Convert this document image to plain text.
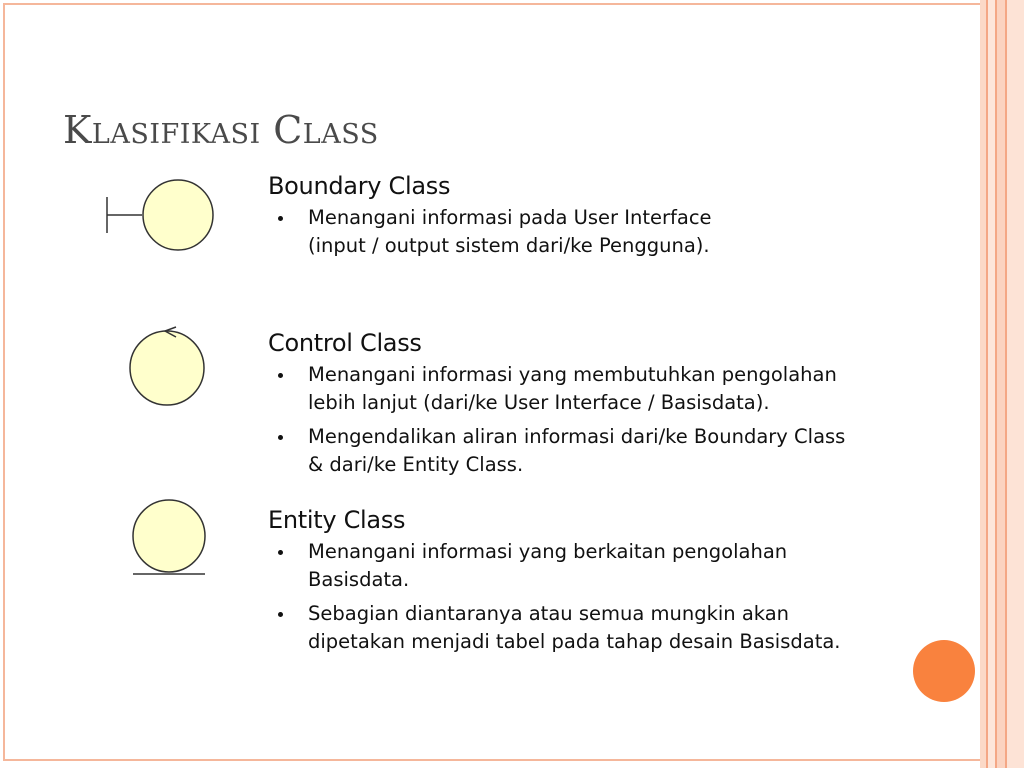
Klasifikasi Class
Boundary Class
Menangani informasi pada User Interface
(input / output sistem dari/ke Pengguna).
Control Class
Menangani informasi yang membutuhkan pengolahan
lebih lanjut (dari/ke User Interface / Basisdata).
Mengendalikan aliran informasi dari/ke Boundary Class
& dari/ke Entity Class.
Entity Class
Menangani informasi yang berkaitan pengolahan
Basisdata.
Sebagian diantaranya atau semua mungkin akan
dipetakan menjadi tabel pada tahap desain Basisdata.
